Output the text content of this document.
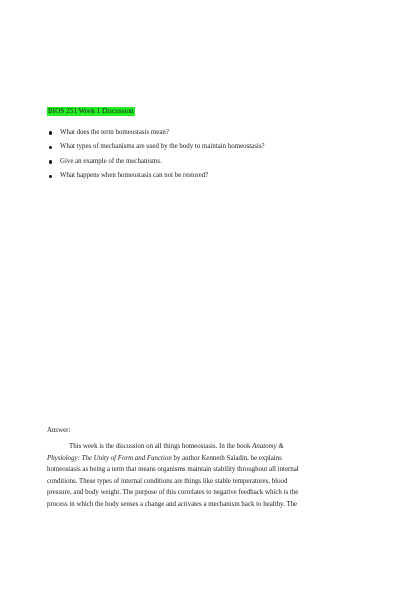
BIOS 251 Week 1 Discussion
What does the term homeostasis mean?
What types of mechanisms are used by the body to maintain homeostasis?
Give an example of the mechanisms.
What happens when homeostasis can not be restored?
Answer:

This week is the discussion on all things homeostasis. In the book Anatomy &
Physiology: The Unity of Form and Function by author Kenneth Saladin, he explains
homeostasis as being a term that means organisms maintain stability throughout all internal
conditions. These types of internal conditions are things like stable temperatures, blood
pressure, and body weight. The purpose of this correlates to negative feedback which is the
process in which the body senses a change and activates a mechanism back to healthy. The
